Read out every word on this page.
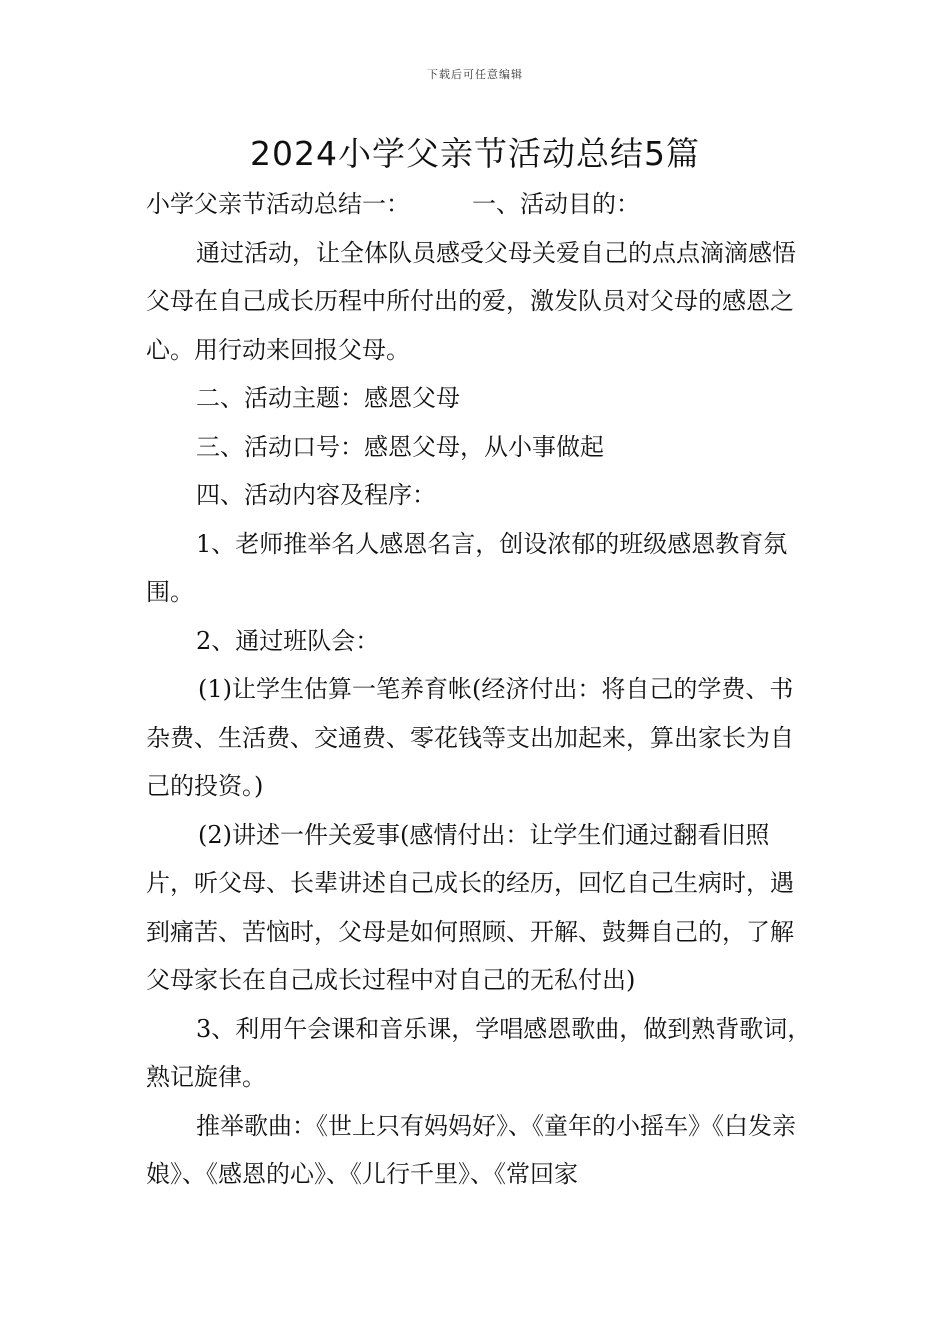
下载后可任意编辑
2024小学父亲节活动总结5篇

小学父亲节活动总结一：	一、活动目的：

通过活动，让全体队员感受父母关爱自己的点点滴滴感悟父母在自己成长历程中所付出的爱，激发队员对父母的感恩之心。用行动来回报父母。

二、活动主题：感恩父母

三、活动口号：感恩父母，从小事做起

四、活动内容及程序：

1、老师推举名人感恩名言，创设浓郁的班级感恩教育氛围。

2、通过班队会：

(1)让学生估算一笔养育帐(经济付出：将自己的学费、书杂费、生活费、交通费、零花钱等支出加起来，算出家长为自己的投资。)

(2)讲述一件关爱事(感情付出：让学生们通过翻看旧照片，听父母、长辈讲述自己成长的经历，回忆自己生病时，遇到痛苦、苦恼时，父母是如何照顾、开解、鼓舞自己的，了解父母家长在自己成长过程中对自己的无私付出)

3、利用午会课和音乐课，学唱感恩歌曲，做到熟背歌词，熟记旋律。

推举歌曲：《世上只有妈妈好》、《童年的小摇车》《白发亲娘》、《感恩的心》、《儿行千里》、《常回家
